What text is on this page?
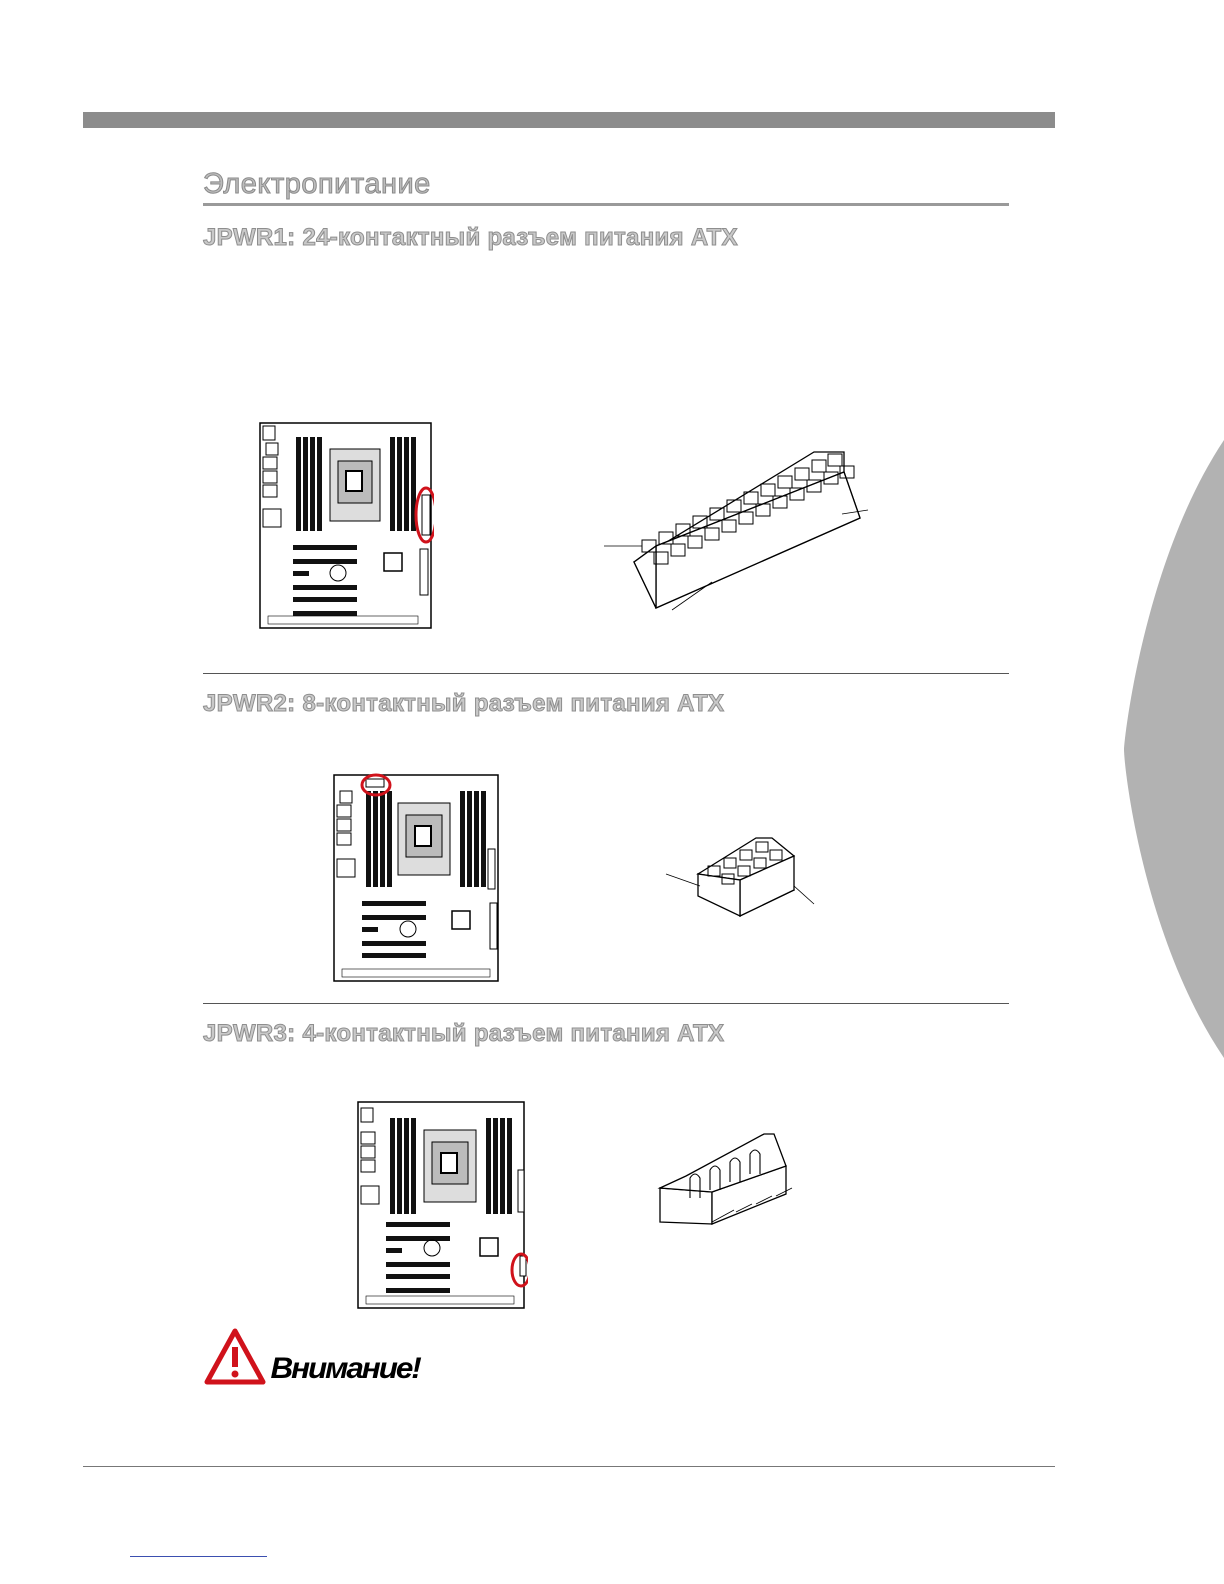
Электропитание
JPWR1: 24-контактный разъем питания ATX
JPWR2: 8-контактный разъем питания ATX
JPWR3: 4-контактный разъем питания ATX
Внимание!
